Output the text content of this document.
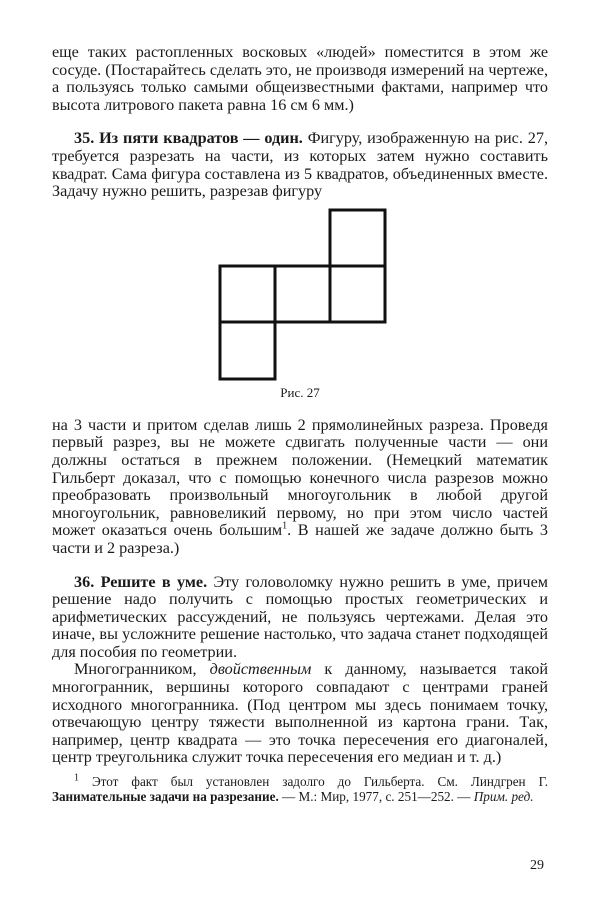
еще таких растопленных восковых «людей» поместится в этом же сосуде. (Постарайтесь сделать это, не производя измерений на чертеже, а пользуясь только самыми общеизвестными фактами, например что высота литрового пакета равна 16 см 6 мм.)

35. Из пяти квадратов — один. Фигуру, изображенную на рис. 27, требуется разрезать на части, из которых затем нужно составить квадрат. Сама фигура составлена из 5 квадратов, объединенных вместе. Задачу нужно решить, разрезав фигуру

Рис. 27

на 3 части и притом сделав лишь 2 прямолинейных разреза. Проведя первый разрез, вы не можете сдвигать полученные части — они должны остаться в прежнем положении. (Немецкий математик Гильберт доказал, что с помощью конечного числа разрезов можно преобразовать произвольный многоугольник в любой другой многоугольник, равновеликий первому, но при этом число частей может оказаться очень большим$^1$. В нашей же задаче должно быть 3 части и 2 разреза.)

36. Решите в уме. Эту головоломку нужно решить в уме, причем решение надо получить с помощью простых геометрических и арифметических рассуждений, не пользуясь чертежами. Делая это иначе, вы усложните решение настолько, что задача станет подходящей для пособия по геометрии.

Многогранником, двойственным к данному, называется такой многогранник, вершины которого совпадают с центрами граней исходного многогранника. (Под центром мы здесь понимаем точку, отвечающую центру тяжести выполненной из картона грани. Так, например, центр квадрата — это точка пересечения его диагоналей, центр треугольника служит точка пересечения его медиан и т. д.)

$^1$ Этот факт был установлен задолго до Гильберта. См. Линдгрен Г. Занимательные задачи на разрезание. — М.: Мир, 1977, с. 251—252. — Прим. ред.

29
